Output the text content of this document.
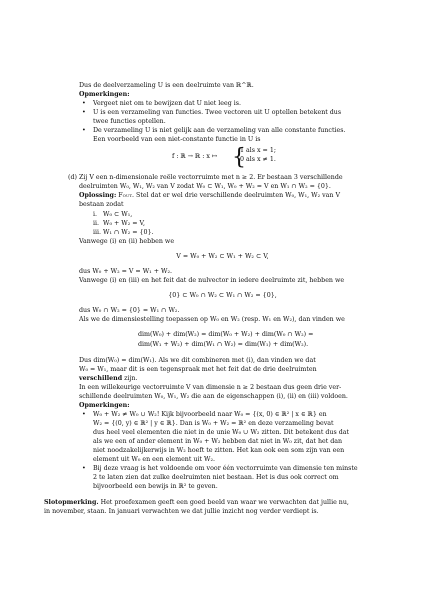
Dus de deelverzameling U is een deelruimte van ℝ^ℝ.

Opmerkingen:

• Vergeet niet om te bewijzen dat U niet leeg is.
• U is een verzameling van functies. Twee vectoren uit U optellen betekent dus

twee functies optellen.

• De verzameling U is niet gelijk aan de verzameling van alle constante functies.

Een voorbeeld van een niet-constante functie in U is

f : ℝ → ℝ : x ↦ {
1 als x = 1;
0 als x ≠ 1.
(d) Zij V een n-dimensionale reële vectorruimte met n ≥ 2. Er bestaan 3 verschillende

deelruimten W₀, W₁, W₂ van V zodat W₀ ⊂ W₁, W₀ + W₂ = V en W₁ ∩ W₂ = {0}.

Oplossing: Fout. Stel dat er wel drie verschillende deelruimten W₀, W₁, W₂ van V

bestaan zodat

i. W₀ ⊂ W₁,
ii. W₀ + W₂ = V,
iii. W₁ ∩ W₂ = {0}.

Vanwege (i) en (ii) hebben we

V = W₀ + W₂ ⊂ W₁ + W₂ ⊂ V,

dus W₀ + W₂ = V = W₁ + W₂.

Vanwege (i) en (iii) en het feit dat de nulvector in iedere deelruimte zit, hebben we

{0} ⊂ W₀ ∩ W₂ ⊂ W₁ ∩ W₂ = {0},

dus W₀ ∩ W₂ = {0} = W₁ ∩ W₂.

Als we de dimensiestelling toepassen op W₀ en W₂ (resp. W₁ en W₂), dan vinden we

dim(W₀) + dim(W₂) = dim(W₀ + W₂) + dim(W₀ ∩ W₂) =

dim(W₁ + W₂) + dim(W₁ ∩ W₂) = dim(W₁) + dim(W₂).

Dus dim(W₀) = dim(W₁). Als we dit combineren met (i), dan vinden we dat

W₀ = W₁, maar dit is een tegenspraak met het feit dat de drie deelruimten

verschillend zijn.

In een willekeurige vectorruimte V van dimensie n ≥ 2 bestaan dus geen drie ver-

schillende deelruimten W₀, W₁, W₂ die aan de eigenschappen (i), (ii) en (iii) voldoen.

Opmerkingen:

• W₀ + W₂ ≠ W₀ ∪ W₂! Kijk bijvoorbeeld naar W₀ = {(x, 0) ∈ ℝ² | x ∈ ℝ} en

W₂ = {(0, y) ∈ ℝ² | y ∈ ℝ}. Dan is W₀ + W₂ = ℝ² en deze verzameling bevat

dus heel veel elementen die niet in de unie W₀ ∪ W₂ zitten. Dit betekent dus dat

als we een of ander element in W₀ + W₂ hebben dat niet in W₀ zit, dat het dan

niet noodzakelijkerwijs in W₂ hoeft te zitten. Het kan ook een som zijn van een

element uit W₀ en een element uit W₂.

• Bij deze vraag is het voldoende om voor één vectorruimte van dimensie ten minste

2 te laten zien dat zulke deelruimten niet bestaan. Het is dus ook correct om

bijvoorbeeld een bewijs in ℝ² te geven.

Slotopmerking. Het proefexamen geeft een goed beeld van waar we verwachten dat jullie nu,

in november, staan. In januari verwachten we dat jullie inzicht nog verder verdiept is.
